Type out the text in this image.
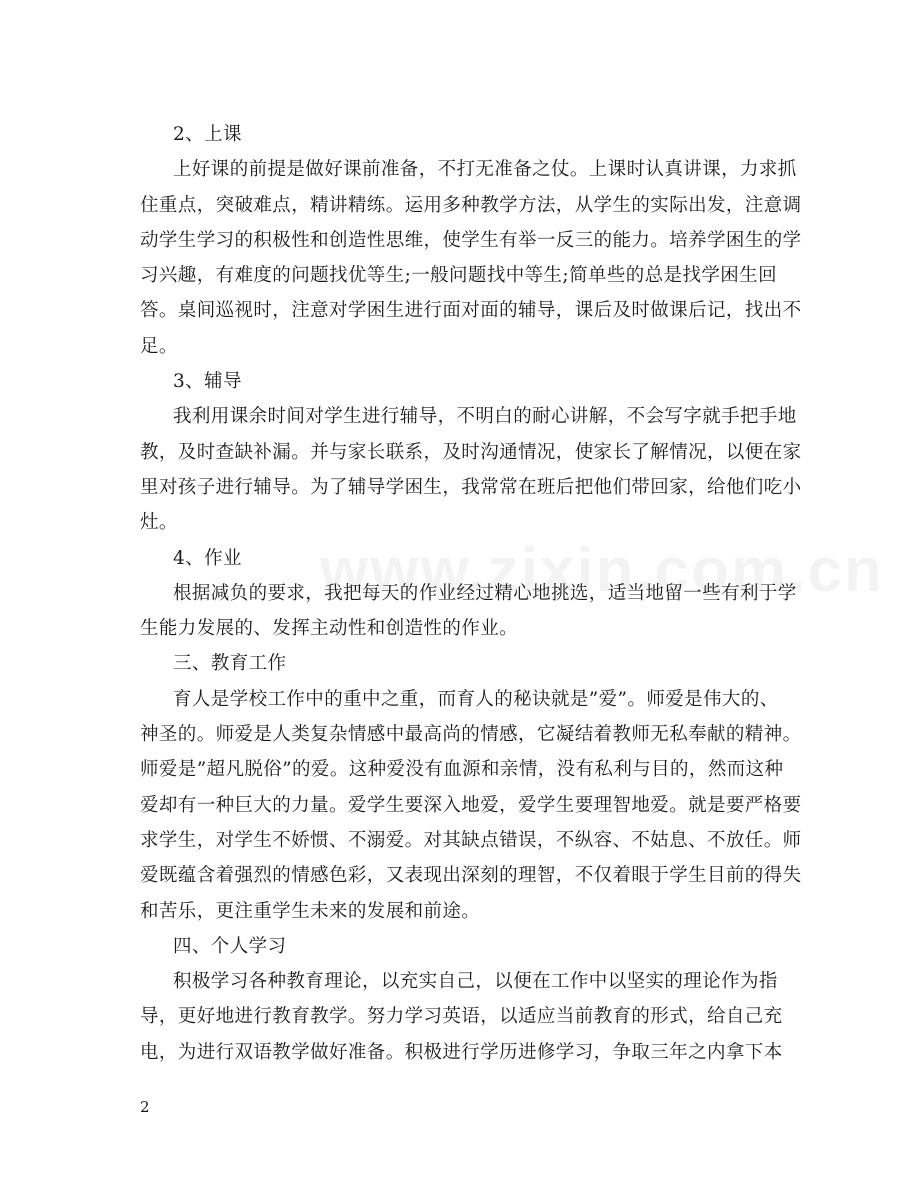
2、上课
上好课的前提是做好课前准备，不打无准备之仗。上课时认真讲课，力求抓
住重点，突破难点，精讲精练。运用多种教学方法，从学生的实际出发，注意调
动学生学习的积极性和创造性思维，使学生有举一反三的能力。培养学困生的学
习兴趣，有难度的问题找优等生;一般问题找中等生;简单些的总是找学困生回
答。桌间巡视时，注意对学困生进行面对面的辅导，课后及时做课后记，找出不
足。
3、辅导
我利用课余时间对学生进行辅导，不明白的耐心讲解，不会写字就手把手地
教，及时查缺补漏。并与家长联系，及时沟通情况，使家长了解情况，以便在家
里对孩子进行辅导。为了辅导学困生，我常常在班后把他们带回家，给他们吃小
灶。
4、作业
根据减负的要求，我把每天的作业经过精心地挑选，适当地留一些有利于学
生能力发展的、发挥主动性和创造性的作业。
三、教育工作
育人是学校工作中的重中之重，而育人的秘诀就是”爱”。师爱是伟大的、
神圣的。师爱是人类复杂情感中最高尚的情感，它凝结着教师无私奉献的精神。
师爱是”超凡脱俗”的爱。这种爱没有血源和亲情，没有私利与目的，然而这种
爱却有一种巨大的力量。爱学生要深入地爱，爱学生要理智地爱。就是要严格要
求学生，对学生不娇惯、不溺爱。对其缺点错误，不纵容、不姑息、不放任。师
爱既蕴含着强烈的情感色彩，又表现出深刻的理智，不仅着眼于学生目前的得失
和苦乐，更注重学生未来的发展和前途。
四、个人学习
积极学习各种教育理论，以充实自己，以便在工作中以坚实的理论作为指
导，更好地进行教育教学。努力学习英语，以适应当前教育的形式，给自己充
电，为进行双语教学做好准备。积极进行学历进修学习，争取三年之内拿下本
2
